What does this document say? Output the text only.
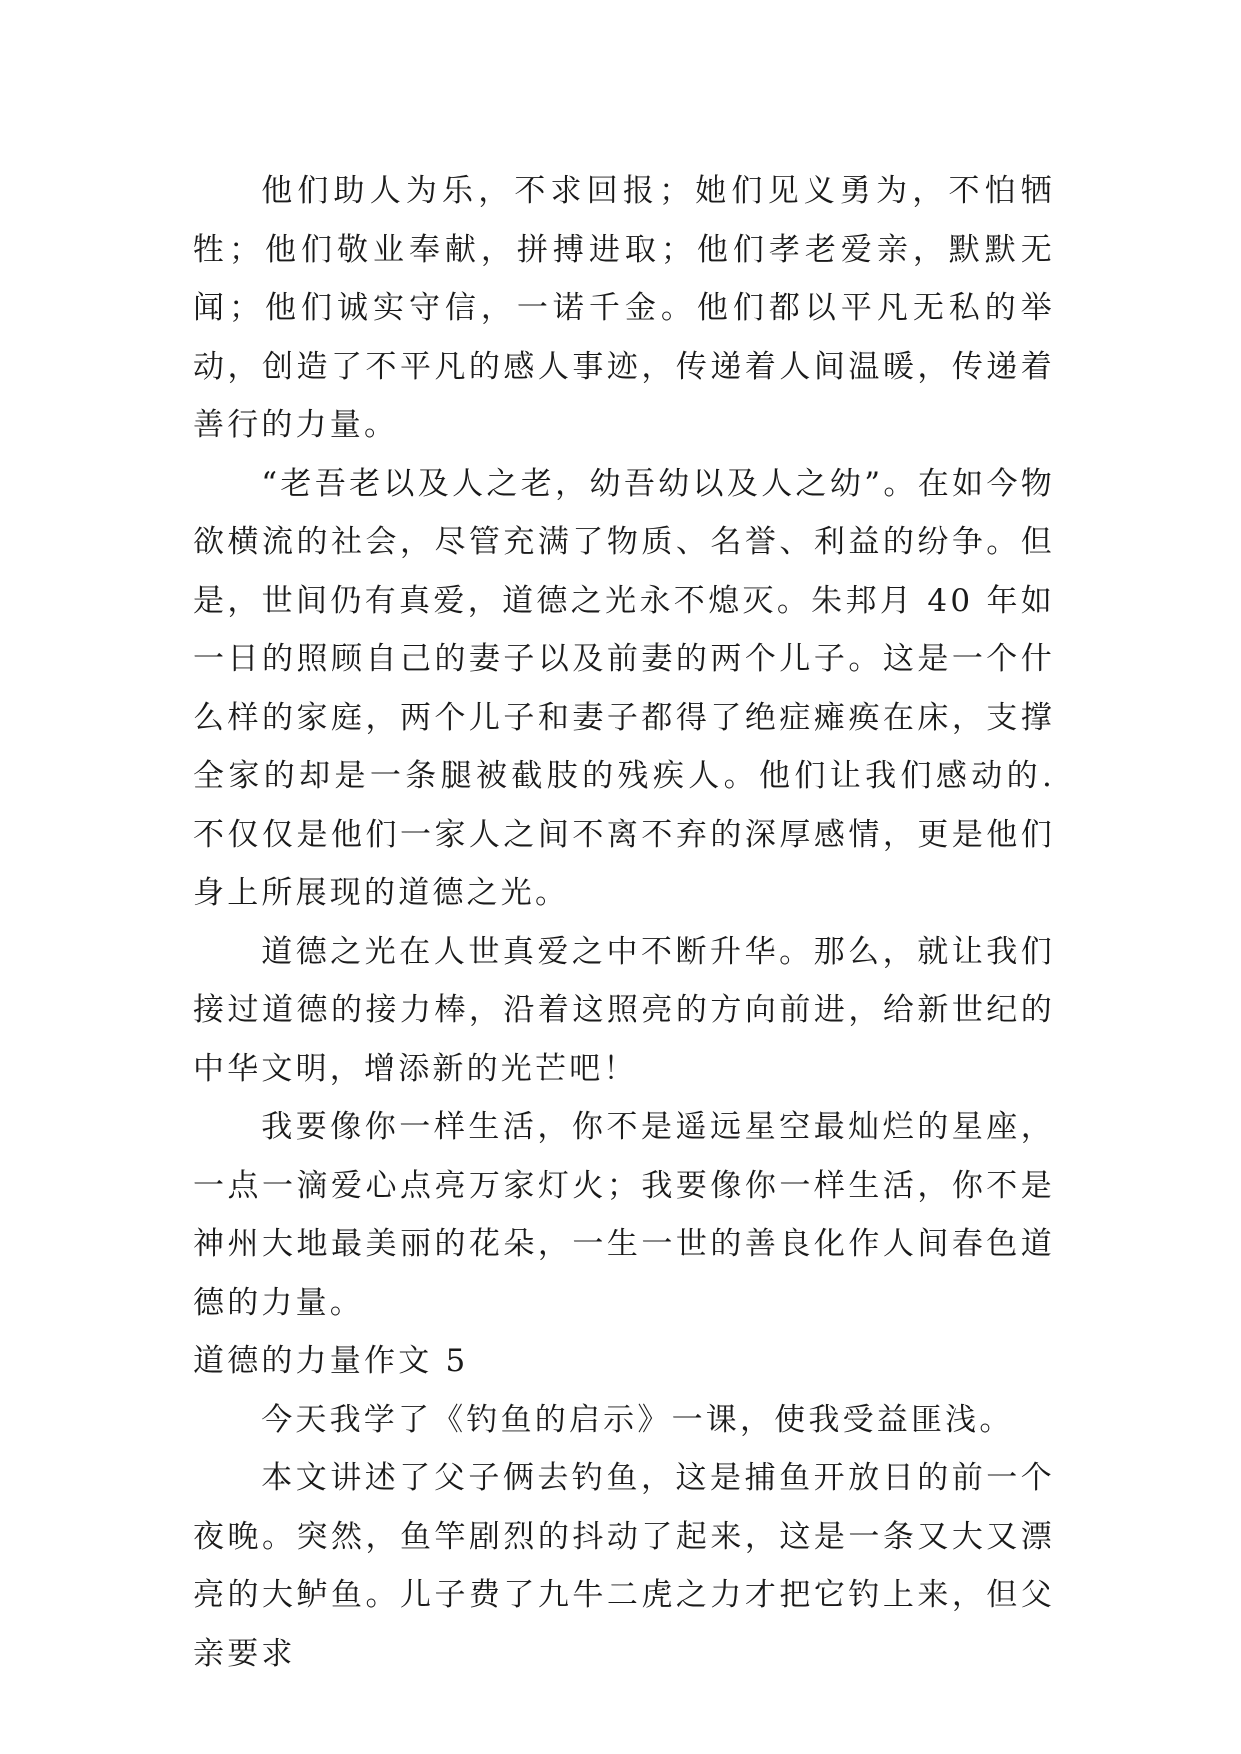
他们助人为乐，不求回报；她们见义勇为，不怕牺牲；他们敬业奉献，拼搏进取；他们孝老爱亲，默默无闻；他们诚实守信，一诺千金。他们都以平凡无私的举动，创造了不平凡的感人事迹，传递着人间温暖，传递着善行的力量。

“老吾老以及人之老，幼吾幼以及人之幼”。在如今物欲横流的社会，尽管充满了物质、名誉、利益的纷争。但是，世间仍有真爱，道德之光永不熄灭。朱邦月 40 年如一日的照顾自己的妻子以及前妻的两个儿子。这是一个什么样的家庭，两个儿子和妻子都得了绝症瘫痪在床，支撑全家的却是一条腿被截肢的残疾人。他们让我们感动的.不仅仅是他们一家人之间不离不弃的深厚感情，更是他们身上所展现的道德之光。

道德之光在人世真爱之中不断升华。那么，就让我们接过道德的接力棒，沿着这照亮的方向前进，给新世纪的中华文明，增添新的光芒吧！

我要像你一样生活，你不是遥远星空最灿烂的星座，一点一滴爱心点亮万家灯火；我要像你一样生活，你不是神州大地最美丽的花朵，一生一世的善良化作人间春色道德的力量。

道德的力量作文 5

今天我学了《钓鱼的启示》一课，使我受益匪浅。

本文讲述了父子俩去钓鱼，这是捕鱼开放日的前一个夜晚。突然，鱼竿剧烈的抖动了起来，这是一条又大又漂亮的大鲈鱼。儿子费了九牛二虎之力才把它钓上来，但父亲要求
